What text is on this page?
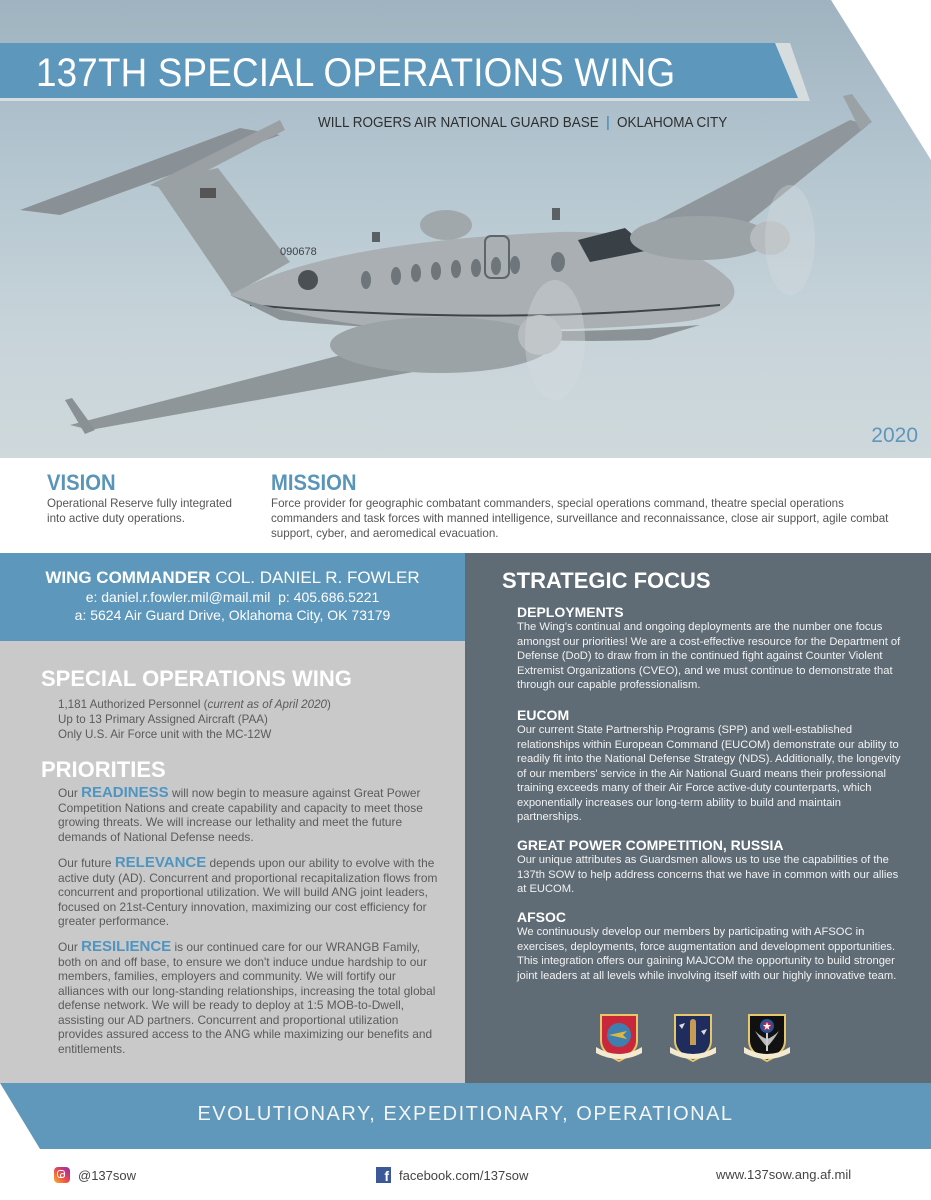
090678
137TH SPECIAL OPERATIONS WING
WILL ROGERS AIR NATIONAL GUARD BASE | OKLAHOMA CITY
2020
VISION

Operational Reserve fully integrated into active duty operations.

MISSION

Force provider for geographic combatant commanders, special operations command, theatre special operations commanders and task forces with manned intelligence, surveillance and reconnaissance, close air support, agile combat support, cyber, and aeromedical evacuation.

WING COMMANDER COL. DANIEL R. FOWLER
e: daniel.r.fowler.mil@mail.mil p: 405.686.5221
a: 5624 Air Guard Drive, Oklahoma City, OK 73179
SPECIAL OPERATIONS WING
1,181 Authorized Personnel (current as of April 2020)
Up to 13 Primary Assigned Aircraft (PAA)
Only U.S. Air Force unit with the MC-12W
PRIORITIES
Our READINESS will now begin to measure against Great Power Competition Nations and create capability and capacity to meet those growing threats. We will increase our lethality and meet the future demands of National Defense needs.
Our future RELEVANCE depends upon our ability to evolve with the active duty (AD). Concurrent and proportional recapitalization flows from concurrent and proportional utilization. We will build ANG joint leaders, focused on 21st-Century innovation, maximizing our cost efficiency for greater performance.
Our RESILIENCE is our continued care for our WRANGB Family, both on and off base, to ensure we don't induce undue hardship to our members, families, employers and community. We will fortify our alliances with our long-standing relationships, increasing the total global defense network. We will be ready to deploy at 1:5 MOB-to-Dwell, assisting our AD partners. Concurrent and proportional utilization provides assured access to the ANG while maximizing our benefits and entitlements.
STRATEGIC FOCUS
DEPLOYMENTS

The Wing's continual and ongoing deployments are the number one focus amongst our priorities! We are a cost-effective resource for the Department of Defense (DoD) to draw from in the continued fight against Counter Violent Extremist Organizations (CVEO), and we must continue to demonstrate that through our capable professionalism.

EUCOM

Our current State Partnership Programs (SPP) and well-established relationships within European Command (EUCOM) demonstrate our ability to readily fit into the National Defense Strategy (NDS). Additionally, the longevity of our members' service in the Air National Guard means their professional training exceeds many of their Air Force active-duty counterparts, which exponentially increases our long-term ability to build and maintain partnerships.

GREAT POWER COMPETITION, RUSSIA

Our unique attributes as Guardsmen allows us to use the capabilities of the 137th SOW to help address concerns that we have in common with our allies at EUCOM.

AFSOC

We continuously develop our members by participating with AFSOC in exercises, deployments, force augmentation and development opportunities. This integration offers our gaining MAJCOM the opportunity to build stronger joint leaders at all levels while involving itself with our highly innovative team.

EVOLUTIONARY, EXPEDITIONARY, OPERATIONAL
@137sow	f facebook.com/137sow	www.137sow.ang.af.mil
